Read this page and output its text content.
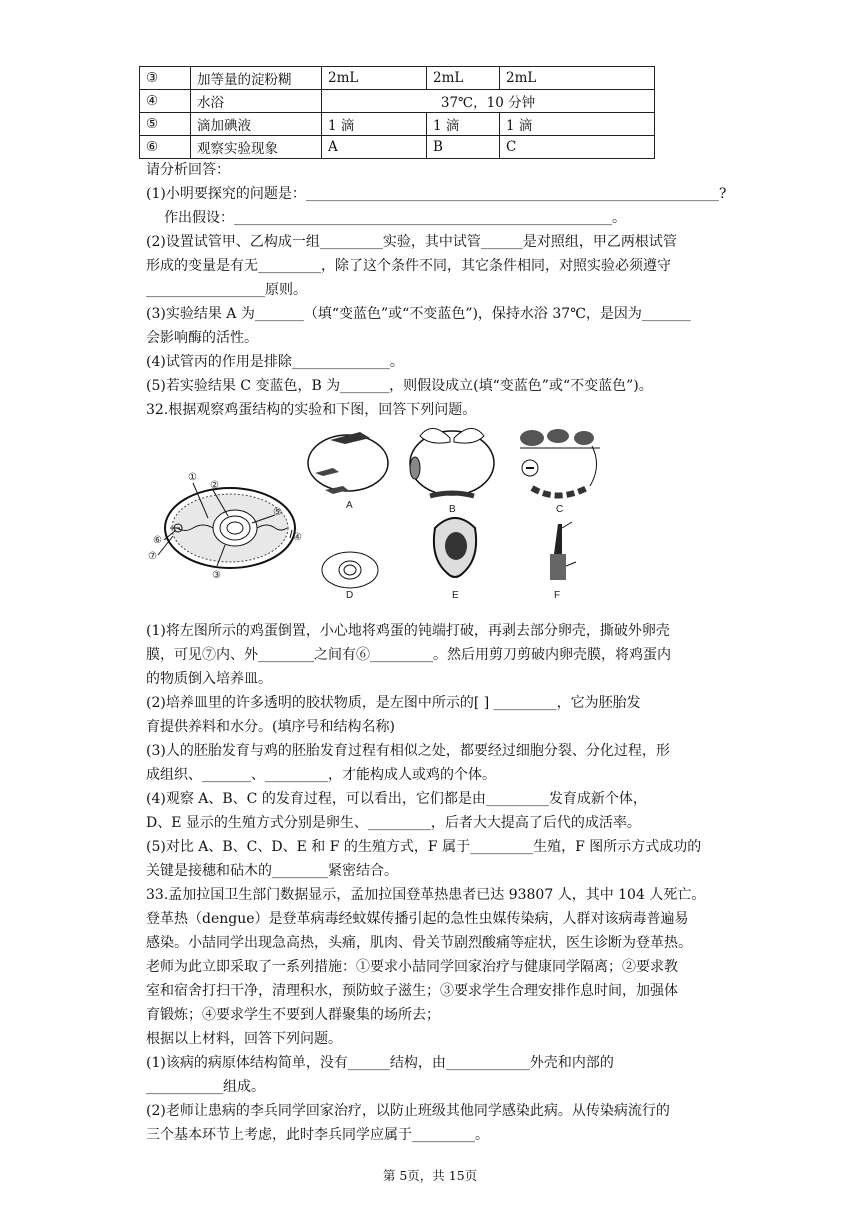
③	加等量的淀粉糊	2mL	2mL	2mL
④	水浴	37℃，10 分钟		
⑤	滴加碘液	1 滴	1 滴	1 滴
⑥	观察实验现象	A	B	C
请分析回答：
(1)小明要探究的问题是：___________________________________________________________?
作出假设：______________________________________________________。
(2)设置试管甲、乙构成一组_________实验，其中试管______是对照组，甲乙两根试管
形成的变量是有无_________，除了这个条件不同，其它条件相同，对照实验必须遵守
_________________原则。
(3)实验结果 A 为_______（填“变蓝色”或“不变蓝色”)，保持水浴 37℃，是因为_______
会影响酶的活性。
(4)试管丙的作用是排除______________。
(5)若实验结果 C 变蓝色，B 为_______，则假设成立(填“变蓝色”或“不变蓝色”)。
32.根据观察鸡蛋结构的实验和下图，回答下列问题。
①
②
③
④
⑤
⑥
⑦
A	B	C
D	E	F
(1)将左图所示的鸡蛋倒置，小心地将鸡蛋的钝端打破，再剥去部分卵壳，撕破外卵壳
膜，可见⑦内、外________之间有⑥_________。然后用剪刀剪破内卵壳膜，将鸡蛋内
的物质倒入培养皿。
(2)培养皿里的许多透明的胶状物质，是左图中所示的[ ] _________，它为胚胎发
育提供养料和水分。(填序号和结构名称)
(3)人的胚胎发育与鸡的胚胎发育过程有相似之处，都要经过细胞分裂、分化过程，形
成组织、_______、_________，才能构成人或鸡的个体。
(4)观察 A、B、C 的发育过程，可以看出，它们都是由_________发育成新个体，
D、E 显示的生殖方式分别是卵生、_________，后者大大提高了后代的成活率。
(5)对比 A、B、C、D、E 和 F 的生殖方式，F 属于_________生殖，F 图所示方式成功的
关键是接穗和砧木的________紧密结合。
33.孟加拉国卫生部门数据显示，孟加拉国登革热患者已达 93807 人，其中 104 人死亡。
登革热（dengue）是登革病毒经蚊媒传播引起的急性虫媒传染病，人群对该病毒普遍易
感染。小喆同学出现急高热，头痛，肌肉、骨关节剧烈酸痛等症状，医生诊断为登革热。
老师为此立即采取了一系列措施：①要求小喆同学回家治疗与健康同学隔离；②要求教
室和宿舍打扫干净，清理积水，预防蚊子滋生；③要求学生合理安排作息时间，加强体
育锻炼；④要求学生不要到人群聚集的场所去；
根据以上材料，回答下列问题。
(1)该病的病原体结构简单，没有______结构，由____________外壳和内部的
___________组成。
(2)老师让患病的李兵同学回家治疗，以防止班级其他同学感染此病。从传染病流行的
三个基本环节上考虑，此时李兵同学应属于_________。
第 5页，共 15页
